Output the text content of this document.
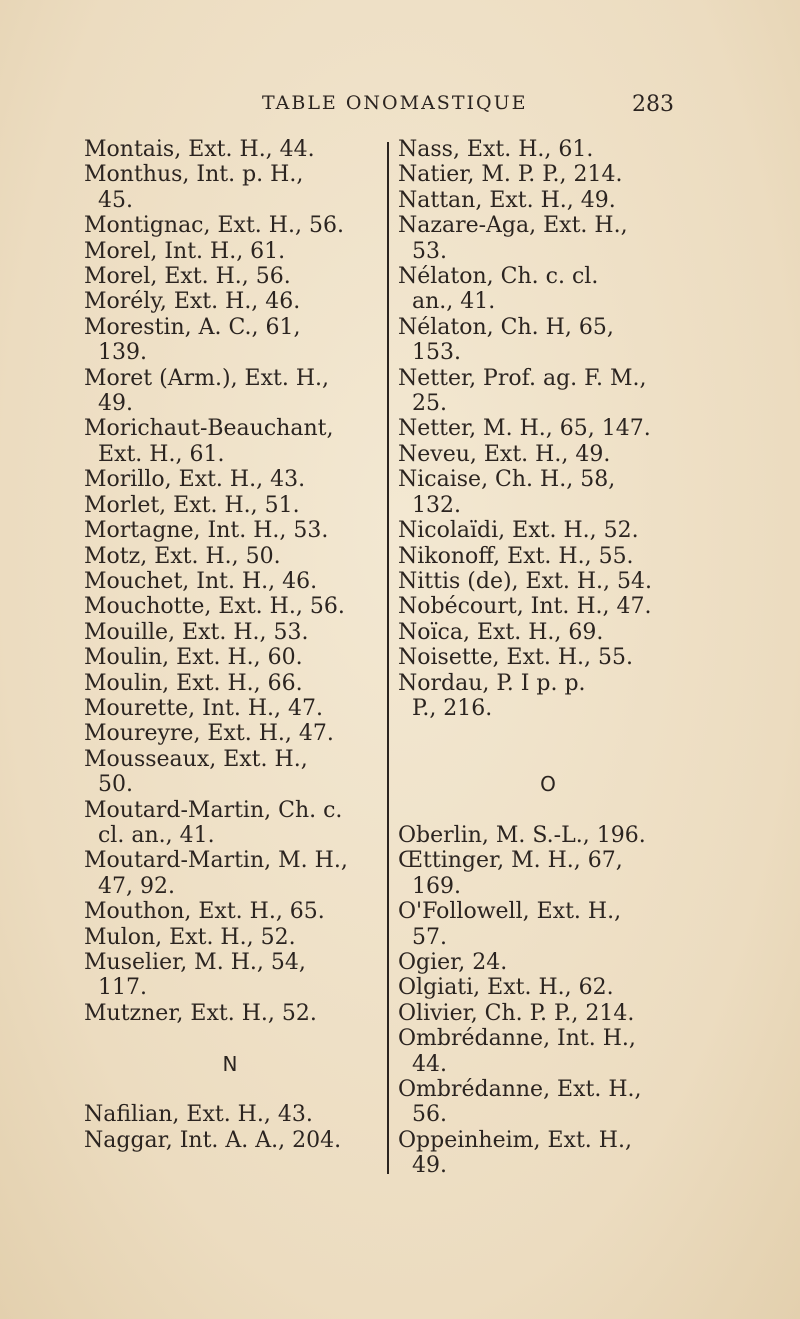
TABLE ONOMASTIQUE	283
Montais, Ext. H., 44.
Monthus, Int. p. H.,
45.
Montignac, Ext. H., 56.
Morel, Int. H., 61.
Morel, Ext. H., 56.
Morély, Ext. H., 46.
Morestin, A. C., 61,
139.
Moret (Arm.), Ext. H.,
49.
Morichaut-Beauchant,
Ext. H., 61.
Morillo, Ext. H., 43.
Morlet, Ext. H., 51.
Mortagne, Int. H., 53.
Motz, Ext. H., 50.
Mouchet, Int. H., 46.
Mouchotte, Ext. H., 56.
Mouille, Ext. H., 53.
Moulin, Ext. H., 60.
Moulin, Ext. H., 66.
Mourette, Int. H., 47.
Moureyre, Ext. H., 47.
Mousseaux, Ext. H.,
50.
Moutard-Martin, Ch. c.
cl. an., 41.
Moutard-Martin, M. H.,
47, 92.
Mouthon, Ext. H., 65.
Mulon, Ext. H., 52.
Muselier, M. H., 54,
117.
Mutzner, Ext. H., 52.
N
Nafilian, Ext. H., 43.
Naggar, Int. A. A., 204.
Nass, Ext. H., 61.
Natier, M. P. P., 214.
Nattan, Ext. H., 49.
Nazare-Aga, Ext. H.,
53.
Nélaton, Ch. c. cl.
an., 41.
Nélaton, Ch. H, 65,
153.
Netter, Prof. ag. F. M.,
25.
Netter, M. H., 65, 147.
Neveu, Ext. H., 49.
Nicaise, Ch. H., 58,
132.
Nicolaïdi, Ext. H., 52.
Nikonoff, Ext. H., 55.
Nittis (de), Ext. H., 54.
Nobécourt, Int. H., 47.
Noïca, Ext. H., 69.
Noisette, Ext. H., 55.
Nordau, P. I p. p.
P., 216.
O
Oberlin, M. S.-L., 196.
Œttinger, M. H., 67,
169.
O'Followell, Ext. H.,
57.
Ogier, 24.
Olgiati, Ext. H., 62.
Olivier, Ch. P. P., 214.
Ombrédanne, Int. H.,
44.
Ombrédanne, Ext. H.,
56.
Oppeinheim, Ext. H.,
49.
